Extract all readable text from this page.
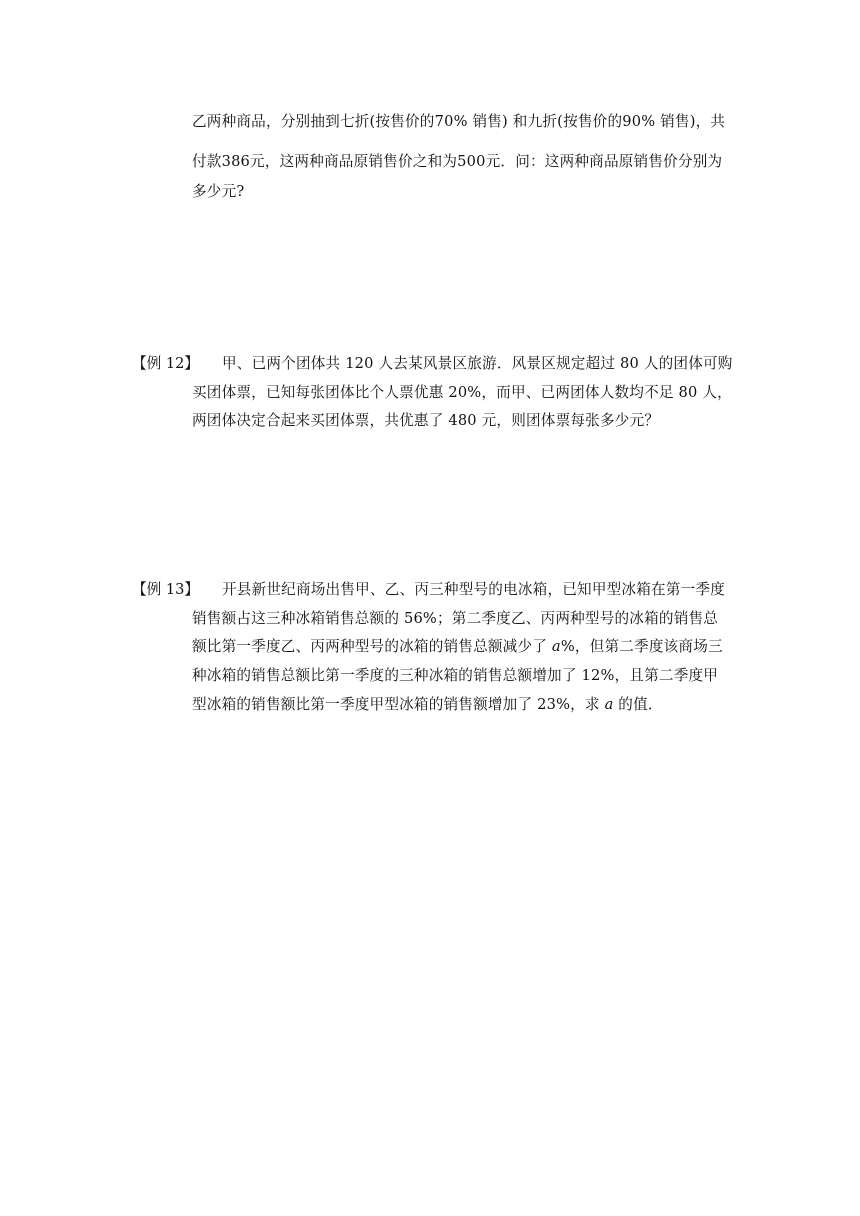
乙两种商品，分别抽到七折(按售价的70% 销售) 和九折(按售价的90% 销售)，共
付款386元，这两种商品原销售价之和为500元．问：这两种商品原销售价分别为
多少元?
【例 12】	甲、已两个团体共 120 人去某风景区旅游．风景区规定超过 80 人的团体可购
买团体票，已知每张团体比个人票优惠 20%，而甲、已两团体人数均不足 80 人，
两团体决定合起来买团体票，共优惠了 480 元，则团体票每张多少元？
【例 13】	开县新世纪商场出售甲、乙、丙三种型号的电冰箱，已知甲型冰箱在第一季度
销售额占这三种冰箱销售总额的 56%；第二季度乙、丙两种型号的冰箱的销售总
额比第一季度乙、丙两种型号的冰箱的销售总额减少了 a%，但第二季度该商场三
种冰箱的销售总额比第一季度的三种冰箱的销售总额增加了 12%，且第二季度甲
型冰箱的销售额比第一季度甲型冰箱的销售额增加了 23%，求 a 的值．
